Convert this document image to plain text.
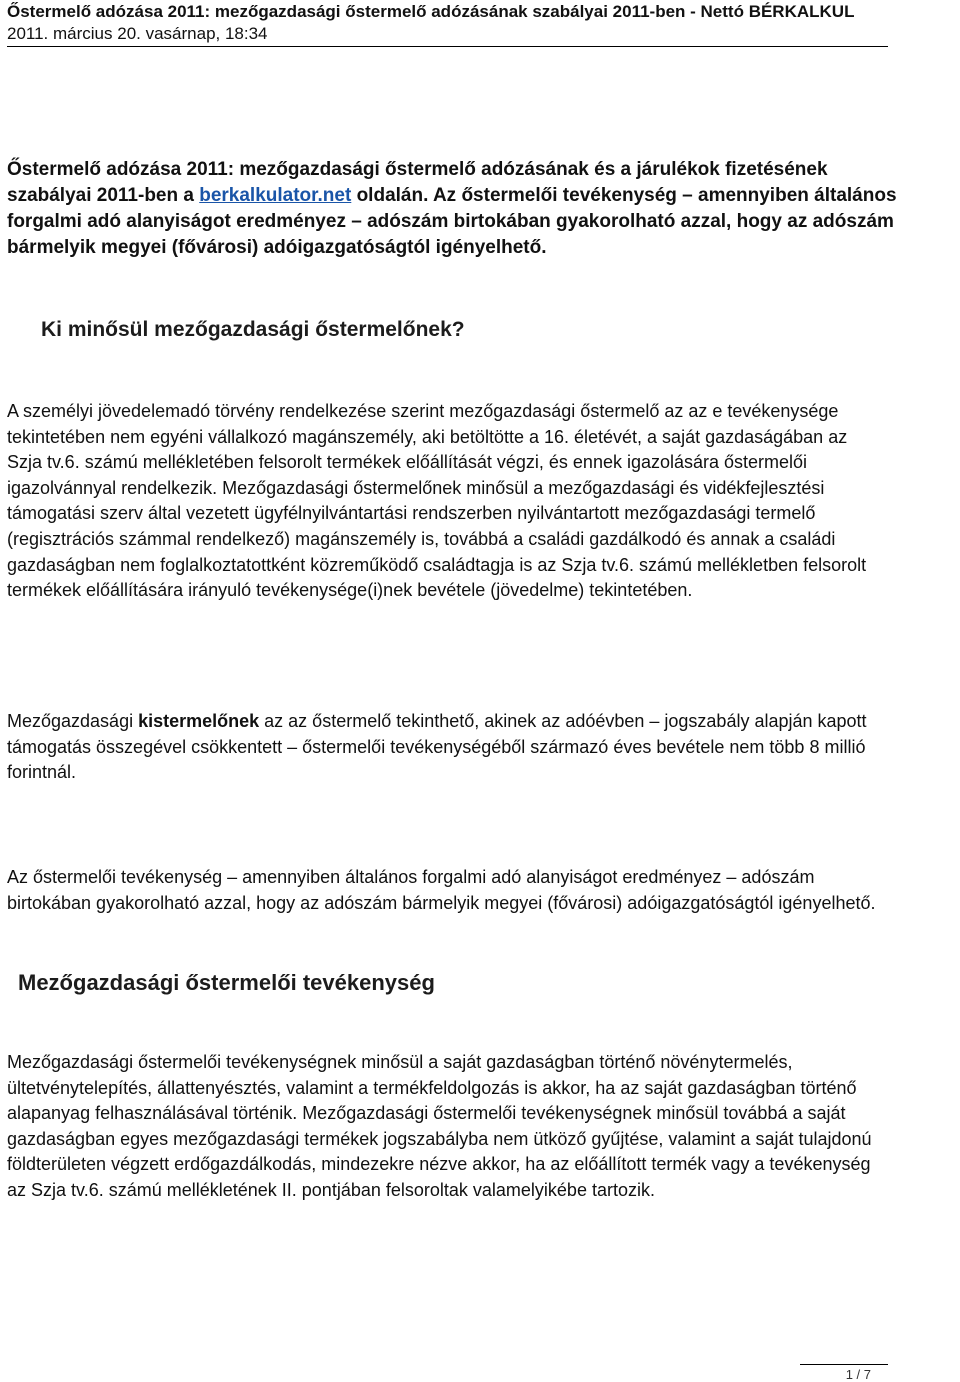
Őstermelő adózása 2011: mezőgazdasági őstermelő adózásának szabályai 2011-ben - Nettó BÉRKALKUL
2011. március 20. vasárnap, 18:34

Őstermelő adózása 2011: mezőgazdasági őstermelő adózásának és a járulékok fizetésének szabályai 2011-ben a berkalkulator.net oldalán. Az őstermelői tevékenység – amennyiben általános forgalmi adó alanyiságot eredményez – adószám birtokában gyakorolható azzal, hogy az adószám bármelyik megyei (fővárosi) adóigazgatóságtól igényelhető.

Ki minősül mezőgazdasági őstermelőnek?

A személyi jövedelemadó törvény rendelkezése szerint mezőgazdasági őstermelő az az e tevékenysége tekintetében nem egyéni vállalkozó magánszemély, aki betöltötte a 16. életévét, a saját gazdaságában az Szja tv.6. számú mellékletében felsorolt termékek előállítását végzi, és ennek igazolására őstermelői igazolvánnyal rendelkezik. Mezőgazdasági őstermelőnek minősül a mezőgazdasági és vidékfejlesztési támogatási szerv által vezetett ügyfélnyilvántartási rendszerben nyilvántartott mezőgazdasági termelő (regisztrációs számmal rendelkező) magánszemély is, továbbá a családi gazdálkodó és annak a családi gazdaságban nem foglalkoztatottként közreműködő családtagja is az Szja tv.6. számú mellékletben felsorolt termékek előállítására irányuló tevékenysége(i)nek bevétele (jövedelme) tekintetében.

Mezőgazdasági kistermelőnek az az őstermelő tekinthető, akinek az adóévben – jogszabály alapján kapott támogatás összegével csökkentett – őstermelői tevékenységéből származó éves bevétele nem több 8 millió forintnál.

Az őstermelői tevékenység – amennyiben általános forgalmi adó alanyiságot eredményez – adószám birtokában gyakorolható azzal, hogy az adószám bármelyik megyei (fővárosi) adóigazgatóságtól igényelhető.

Mezőgazdasági őstermelői tevékenység

Mezőgazdasági őstermelői tevékenységnek minősül a saját gazdaságban történő növénytermelés, ültetvénytelepítés, állattenyésztés, valamint a termékfeldolgozás is akkor, ha az saját gazdaságban történő alapanyag felhasználásával történik. Mezőgazdasági őstermelői tevékenységnek minősül továbbá a saját gazdaságban egyes mezőgazdasági termékek jogszabályba nem ütköző gyűjtése, valamint a saját tulajdonú földterületen végzett erdőgazdálkodás, mindezekre nézve akkor, ha az előállított termék vagy a tevékenység az Szja tv.6. számú mellékletének II. pontjában felsoroltak valamelyikébe tartozik.

1 / 7
